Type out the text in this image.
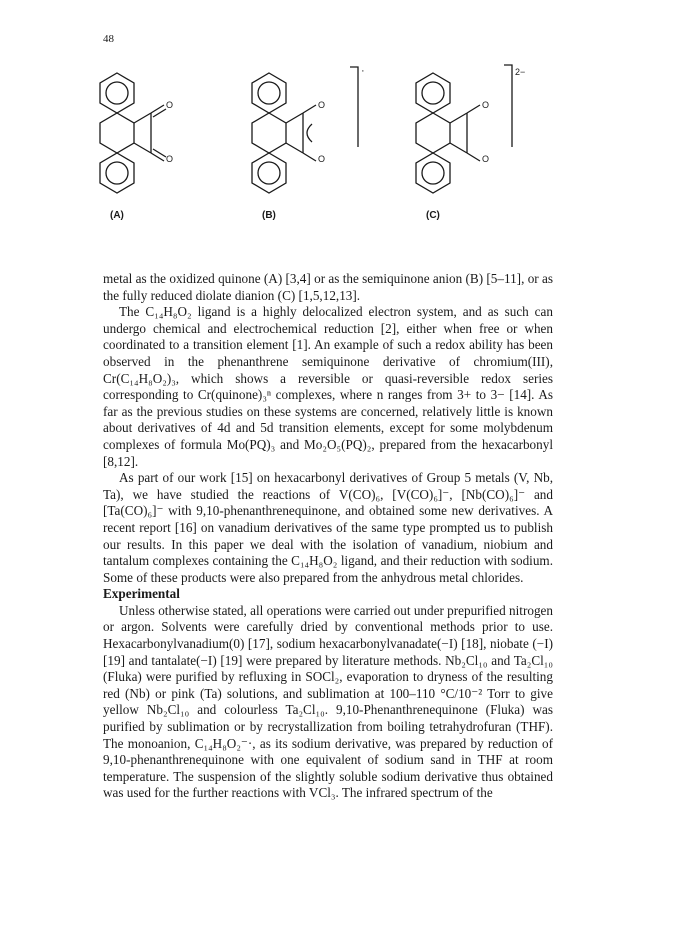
48
O
O
O
O
O
O
·	2−
(A)	(B)	(C)

metal as the oxidized quinone (A) [3,4] or as the semiquinone anion (B) [5–11], or as the fully reduced diolate dianion (C) [1,5,12,13].

The C₁₄H₈O₂ ligand is a highly delocalized electron system, and as such can undergo chemical and electrochemical reduction [2], either when free or when coordinated to a transition element [1]. An example of such a redox ability has been observed in the phenanthrene semiquinone derivative of chromium(III), Cr(C₁₄H₈O₂)₃, which shows a reversible or quasi-reversible redox series corresponding to Cr(quinone)₃ⁿ complexes, where n ranges from 3+ to 3− [14]. As far as the previous studies on these systems are concerned, relatively little is known about derivatives of 4d and 5d transition elements, except for some molybdenum complexes of formula Mo(PQ)₃ and Mo₂O₅(PQ)₂, prepared from the hexacarbonyl [8,12].

As part of our work [15] on hexacarbonyl derivatives of Group 5 metals (V, Nb, Ta), we have studied the reactions of V(CO)₆, [V(CO)₆]⁻, [Nb(CO)₆]⁻ and [Ta(CO)₆]⁻ with 9,10-phenanthrenequinone, and obtained some new derivatives. A recent report [16] on vanadium derivatives of the same type prompted us to publish our results. In this paper we deal with the isolation of vanadium, niobium and tantalum complexes containing the C₁₄H₈O₂ ligand, and their reduction with sodium. Some of these products were also prepared from the anhydrous metal chlorides.

Experimental

Unless otherwise stated, all operations were carried out under prepurified nitrogen or argon. Solvents were carefully dried by conventional methods prior to use. Hexacarbonylvanadium(0) [17], sodium hexacarbonylvanadate(−I) [18], niobate (−I) [19] and tantalate(−I) [19] were prepared by literature methods. Nb₂Cl₁₀ and Ta₂Cl₁₀ (Fluka) were purified by refluxing in SOCl₂, evaporation to dryness of the resulting red (Nb) or pink (Ta) solutions, and sublimation at 100–110 °C/10⁻² Torr to give yellow Nb₂Cl₁₀ and colourless Ta₂Cl₁₀. 9,10-Phenanthrenequinone (Fluka) was purified by sublimation or by recrystallization from boiling tetrahydrofuran (THF). The monoanion, C₁₄H₈O₂⁻·, as its sodium derivative, was prepared by reduction of 9,10-phenanthrenequinone with one equivalent of sodium sand in THF at room temperature. The suspension of the slightly soluble sodium derivative thus obtained was used for the further reactions with VCl₃. The infrared spectrum of the
